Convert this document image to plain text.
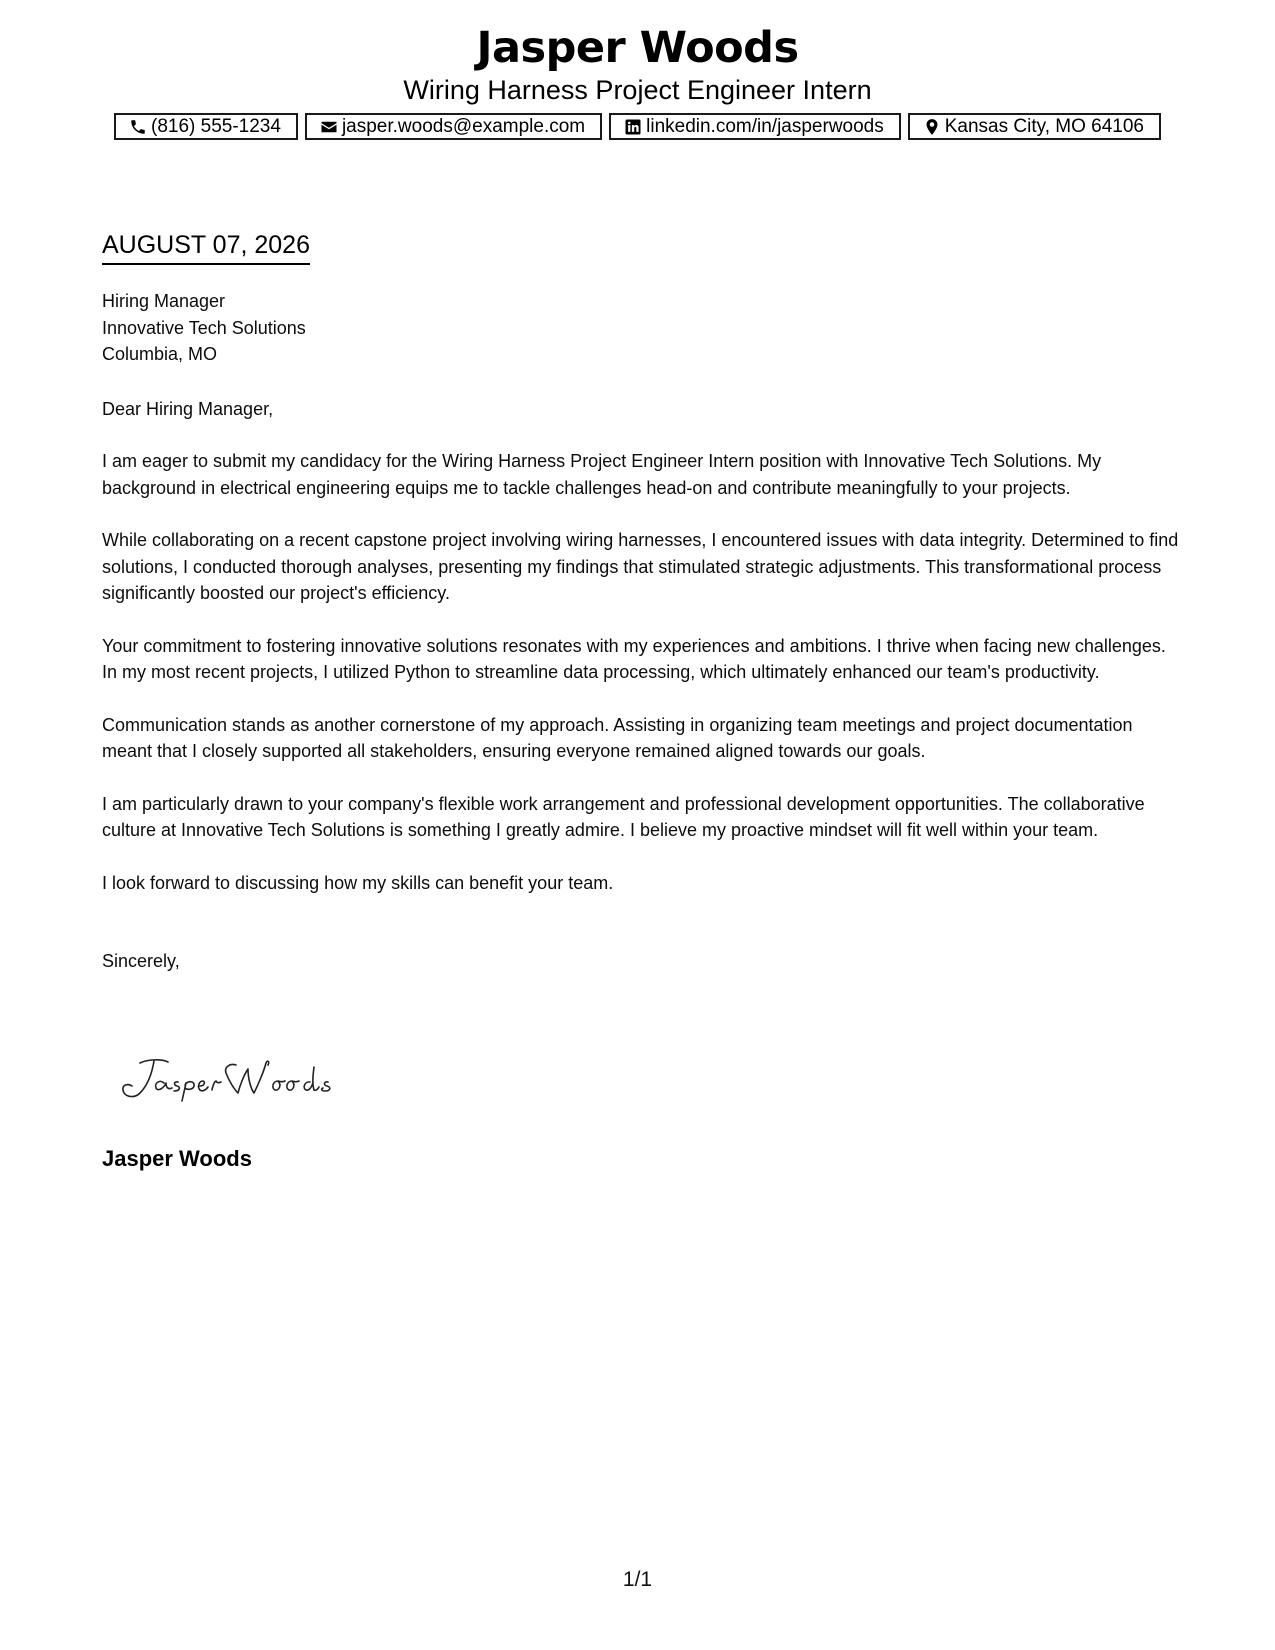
Jasper Woods
Wiring Harness Project Engineer Intern
(816) 555-1234	jasper.woods@example.com	linkedin.com/in/jasperwoods	Kansas City, MO 64106
AUGUST 07, 2026
Hiring Manager
Innovative Tech Solutions
Columbia, MO

Dear Hiring Manager,

I am eager to submit my candidacy for the Wiring Harness Project Engineer Intern position with Innovative Tech Solutions. My background in electrical engineering equips me to tackle challenges head-on and contribute meaningfully to your projects.

While collaborating on a recent capstone project involving wiring harnesses, I encountered issues with data integrity. Determined to find solutions, I conducted thorough analyses, presenting my findings that stimulated strategic adjustments. This transformational process significantly boosted our project's efficiency.

Your commitment to fostering innovative solutions resonates with my experiences and ambitions. I thrive when facing new challenges. In my most recent projects, I utilized Python to streamline data processing, which ultimately enhanced our team's productivity.

Communication stands as another cornerstone of my approach. Assisting in organizing team meetings and project documentation meant that I closely supported all stakeholders, ensuring everyone remained aligned towards our goals.

I am particularly drawn to your company's flexible work arrangement and professional development opportunities. The collaborative culture at Innovative Tech Solutions is something I greatly admire. I believe my proactive mindset will fit well within your team.

I look forward to discussing how my skills can benefit your team.

Sincerely,

Jasper Woods
1/1
